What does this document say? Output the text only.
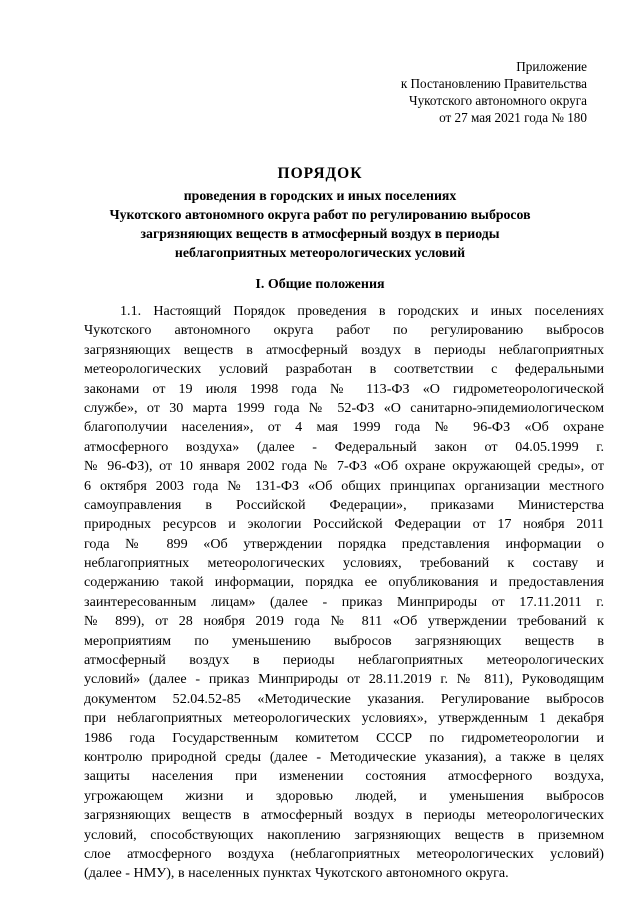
Приложение
к Постановлению Правительства
Чукотского автономного округа
от 27 мая 2021 года № 180
ПОРЯДОК
проведения в городских и иных поселениях
Чукотского автономного округа работ по регулированию выбросов
загрязняющих веществ в атмосферный воздух в периоды
неблагоприятных метеорологических условий
I. Общие положения
1.1. Настоящий Порядок проведения в городских и иных поселениях
Чукотского автономного округа работ по регулированию выбросов
загрязняющих веществ в атмосферный воздух в периоды неблагоприятных
метеорологических условий разработан в соответствии с федеральными
законами от 19 июля 1998 года № 113-ФЗ «О гидрометеорологической
службе», от 30 марта 1999 года № 52-ФЗ «О санитарно-эпидемиологическом
благополучии населения», от 4 мая 1999 года № 96-ФЗ «Об охране
атмосферного воздуха» (далее - Федеральный закон от 04.05.1999 г.
№ 96-ФЗ), от 10 января 2002 года № 7-ФЗ «Об охране окружающей среды», от
6 октября 2003 года № 131-ФЗ «Об общих принципах организации местного
самоуправления в Российской Федерации», приказами Министерства
природных ресурсов и экологии Российской Федерации от 17 ноября 2011
года № 899 «Об утверждении порядка представления информации о
неблагоприятных метеорологических условиях, требований к составу и
содержанию такой информации, порядка ее опубликования и предоставления
заинтересованным лицам» (далее - приказ Минприроды от 17.11.2011 г.
№ 899), от 28 ноября 2019 года № 811 «Об утверждении требований к
мероприятиям по уменьшению выбросов загрязняющих веществ в
атмосферный воздух в периоды неблагоприятных метеорологических
условий» (далее - приказ Минприроды от 28.11.2019 г. № 811), Руководящим
документом 52.04.52-85 «Методические указания. Регулирование выбросов
при неблагоприятных метеорологических условиях», утвержденным 1 декабря
1986 года Государственным комитетом СССР по гидрометеорологии и
контролю природной среды (далее - Методические указания), а также в целях
защиты населения при изменении состояния атмосферного воздуха,
угрожающем жизни и здоровью людей, и уменьшения выбросов
загрязняющих веществ в атмосферный воздух в периоды метеорологических
условий, способствующих накоплению загрязняющих веществ в приземном
слое атмосферного воздуха (неблагоприятных метеорологических условий)
(далее - НМУ), в населенных пунктах Чукотского автономного округа.
